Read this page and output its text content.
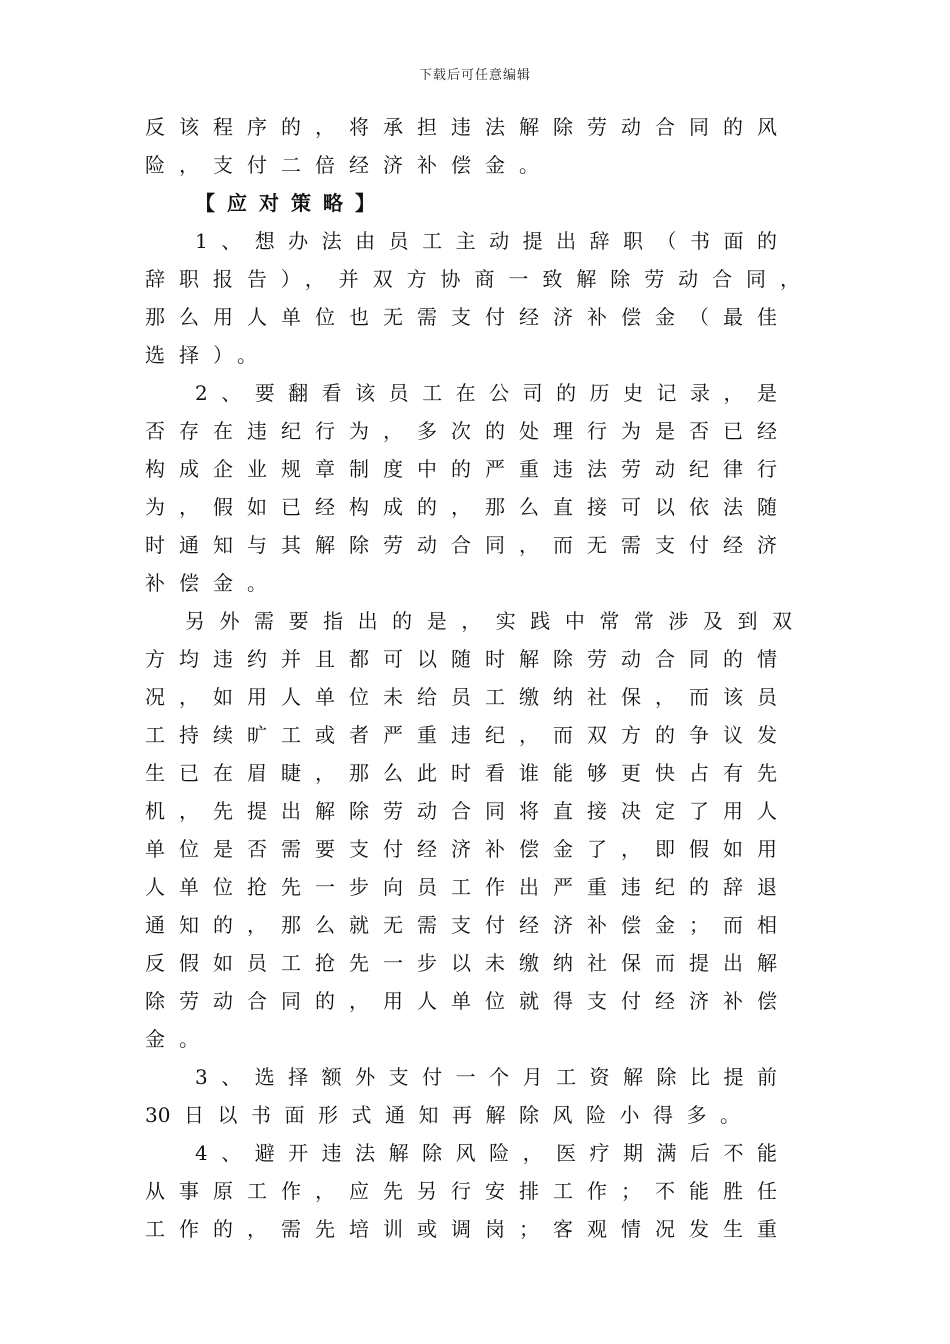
下载后可任意编辑
反该程序的，将承担违法解除劳动合同的风
险，支付二倍经济补偿金。
【应对策略】
1、想办法由员工主动提出辞职（书面的
辞职报告），并双方协商一致解除劳动合同，
那么用人单位也无需支付经济补偿金（最佳
选择）。
2、要翻看该员工在公司的历史记录，是
否存在违纪行为，多次的处理行为是否已经
构成企业规章制度中的严重违法劳动纪律行
为，假如已经构成的，那么直接可以依法随
时通知与其解除劳动合同，而无需支付经济
补偿金。
另外需要指出的是，实践中常常涉及到双
方均违约并且都可以随时解除劳动合同的情
况，如用人单位未给员工缴纳社保，而该员
工持续旷工或者严重违纪，而双方的争议发
生已在眉睫，那么此时看谁能够更快占有先
机，先提出解除劳动合同将直接决定了用人
单位是否需要支付经济补偿金了，即假如用
人单位抢先一步向员工作出严重违纪的辞退
通知的，那么就无需支付经济补偿金；而相
反假如员工抢先一步以未缴纳社保而提出解
除劳动合同的，用人单位就得支付经济补偿
金。
3、选择额外支付一个月工资解除比提前
30日以书面形式通知再解除风险小得多。
4、避开违法解除风险，医疗期满后不能
从事原工作，应先另行安排工作；不能胜任
工作的，需先培训或调岗；客观情况发生重
